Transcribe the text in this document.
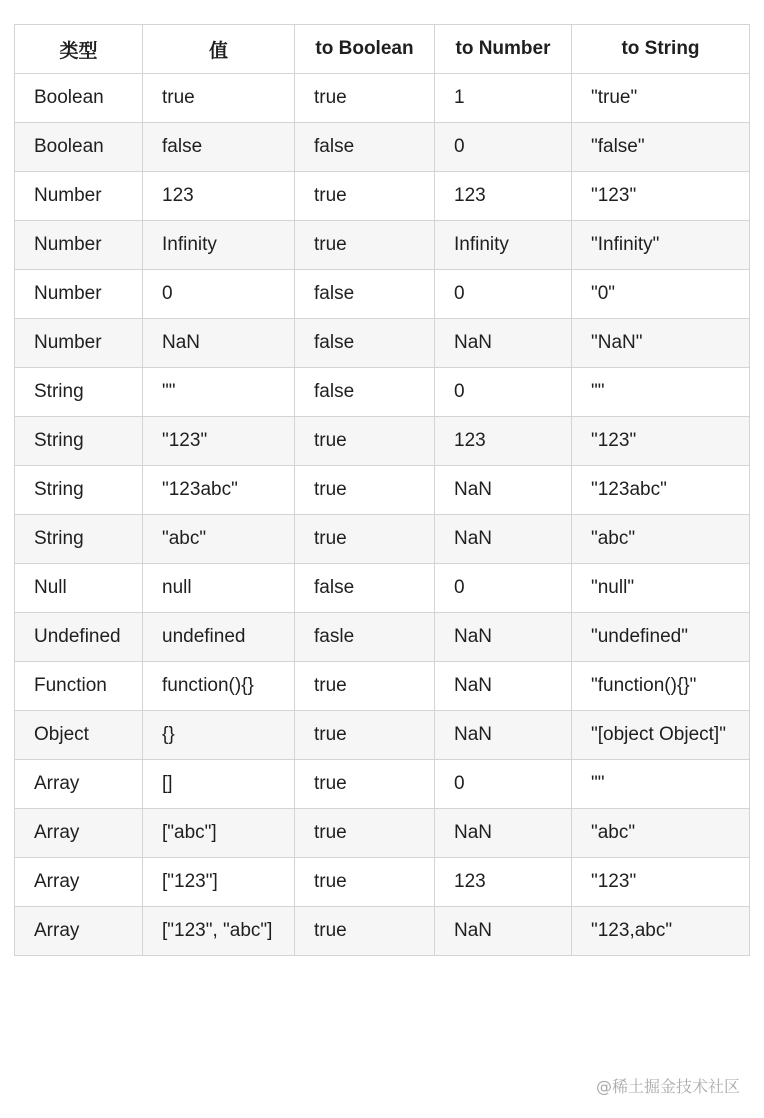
类型	值	to Boolean	to Number	to String
Boolean	true	true	1	"true"
Boolean	false	false	0	"false"
Number	123	true	123	"123"
Number	Infinity	true	Infinity	"Infinity"
Number	0	false	0	"0"
Number	NaN	false	NaN	"NaN"
String	""	false	0	""
String	"123"	true	123	"123"
String	"123abc"	true	NaN	"123abc"
String	"abc"	true	NaN	"abc"
Null	null	false	0	"null"
Undefined	undefined	fasle	NaN	"undefined"
Function	function(){}	true	NaN	"function(){}"
Object	{}	true	NaN	"[object Object]"
Array	[]	true	0	""
Array	["abc"]	true	NaN	"abc"
Array	["123"]	true	123	"123"
Array	["123", "abc"]	true	NaN	"123,abc"
@稀土掘金技术社区
